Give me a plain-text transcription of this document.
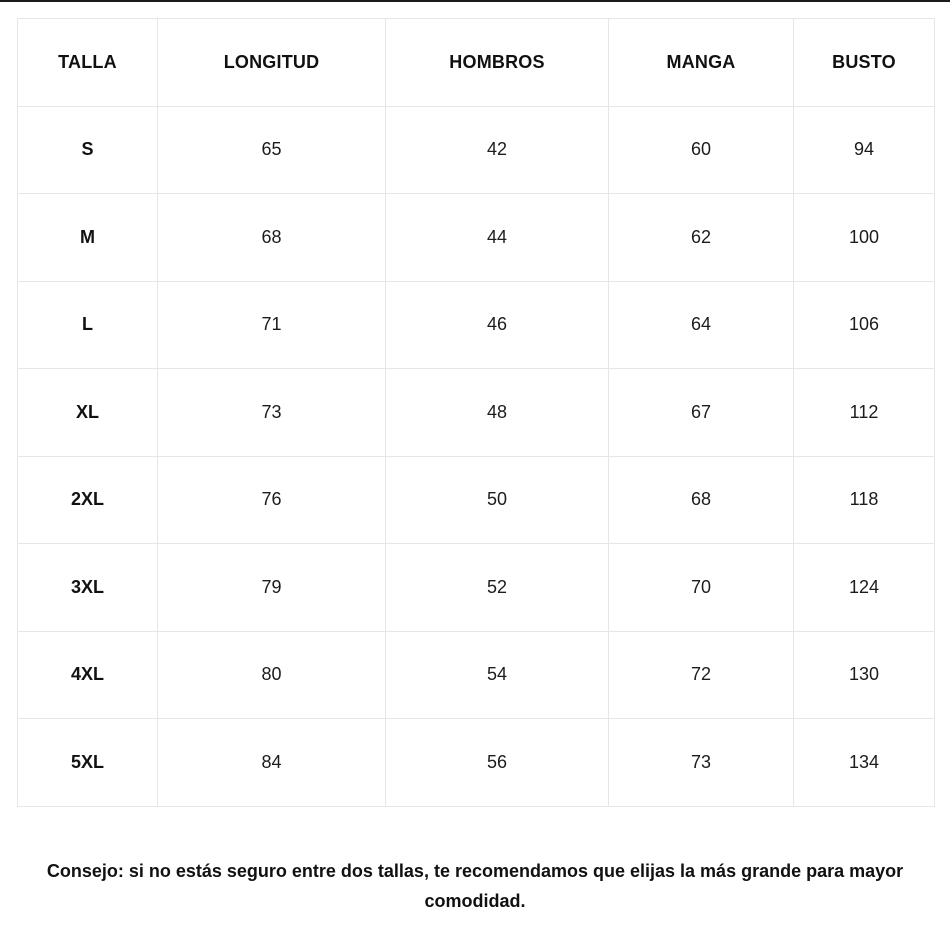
TALLA	LONGITUD	HOMBROS	MANGA	BUSTO
S	65	42	60	94
M	68	44	62	100
L	71	46	64	106
XL	73	48	67	112
2XL	76	50	68	118
3XL	79	52	70	124
4XL	80	54	72	130
5XL	84	56	73	134

Consejo: si no estás seguro entre dos tallas, te recomendamos que elijas la más grande para mayor comodidad.
